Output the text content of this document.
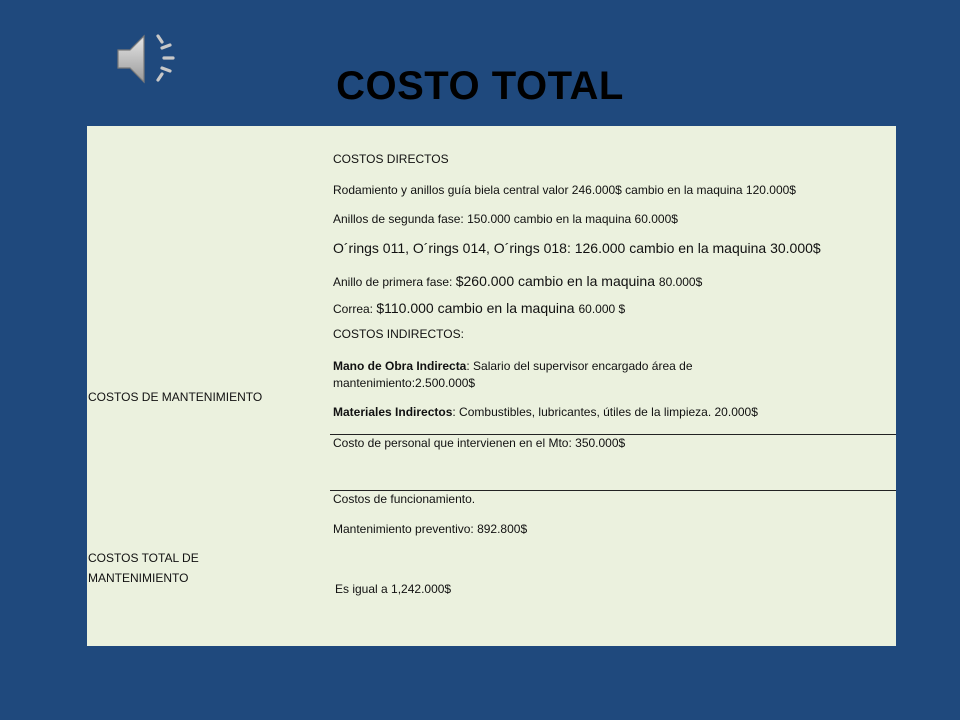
COSTO TOTAL
COSTOS DE MANTENIMIENTO
COSTOS TOTAL DE
MANTENIMIENTO
COSTOS DIRECTOS
Rodamiento y anillos guía biela central valor 246.000$ cambio en la maquina 120.000$
Anillos de segunda fase: 150.000 cambio en la maquina 60.000$
O´rings 011, O´rings 014, O´rings 018: 126.000 cambio en la maquina 30.000$
Anillo de primera fase: $260.000 cambio en la maquina 80.000$
Correa: $110.000 cambio en la maquina 60.000 $
COSTOS INDIRECTOS:
Mano de Obra Indirecta: Salario del supervisor encargado área de
mantenimiento:2.500.000$
Materiales Indirectos: Combustibles, lubricantes, útiles de la limpieza. 20.000$
Costo de personal que intervienen en el Mto: 350.000$
Costos de funcionamiento.
Mantenimiento preventivo: 892.800$
Es igual a 1,242.000$
